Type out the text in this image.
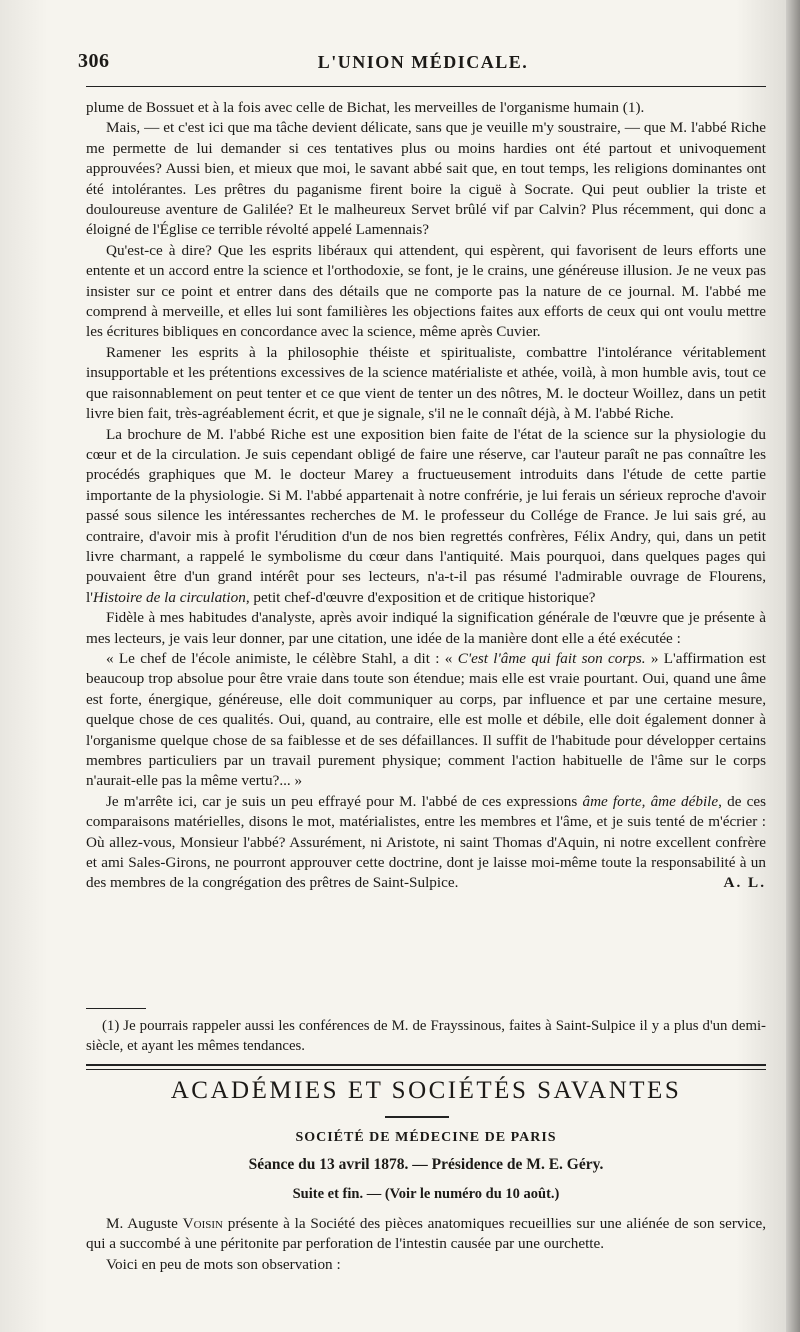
306	L'UNION MÉDICALE.

plume de Bossuet et à la fois avec celle de Bichat, les merveilles de l'organisme humain (1).

Mais, — et c'est ici que ma tâche devient délicate, sans que je veuille m'y soustraire, — que M. l'abbé Riche me permette de lui demander si ces tentatives plus ou moins hardies ont été partout et univoquement approuvées? Aussi bien, et mieux que moi, le savant abbé sait que, en tout temps, les religions dominantes ont été intolérantes. Les prêtres du paganisme firent boire la ciguë à Socrate. Qui peut oublier la triste et douloureuse aventure de Galilée? Et le malheureux Servet brûlé vif par Calvin? Plus récemment, qui donc a éloigné de l'Église ce terrible révolté appelé Lamennais?

Qu'est-ce à dire? Que les esprits libéraux qui attendent, qui espèrent, qui favorisent de leurs efforts une entente et un accord entre la science et l'orthodoxie, se font, je le crains, une généreuse illusion. Je ne veux pas insister sur ce point et entrer dans des détails que ne comporte pas la nature de ce journal. M. l'abbé me comprend à merveille, et elles lui sont familières les objections faites aux efforts de ceux qui ont voulu mettre les écritures bibliques en concordance avec la science, même après Cuvier.

Ramener les esprits à la philosophie théiste et spiritualiste, combattre l'intolérance véritablement insupportable et les prétentions excessives de la science matérialiste et athée, voilà, à mon humble avis, tout ce que raisonnablement on peut tenter et ce que vient de tenter un des nôtres, M. le docteur Woillez, dans un petit livre bien fait, très-agréablement écrit, et que je signale, s'il ne le connaît déjà, à M. l'abbé Riche.

La brochure de M. l'abbé Riche est une exposition bien faite de l'état de la science sur la physiologie du cœur et de la circulation. Je suis cependant obligé de faire une réserve, car l'auteur paraît ne pas connaître les procédés graphiques que M. le docteur Marey a fructueusement introduits dans l'étude de cette partie importante de la physiologie. Si M. l'abbé appartenait à notre confrérie, je lui ferais un sérieux reproche d'avoir passé sous silence les intéressantes recherches de M. le professeur du Collége de France. Je lui sais gré, au contraire, d'avoir mis à profit l'érudition d'un de nos bien regrettés confrères, Félix Andry, qui, dans un petit livre charmant, a rappelé le symbolisme du cœur dans l'antiquité. Mais pourquoi, dans quelques pages qui pouvaient être d'un grand intérêt pour ses lecteurs, n'a-t-il pas résumé l'admirable ouvrage de Flourens, l'Histoire de la circulation, petit chef-d'œuvre d'exposition et de critique historique?

Fidèle à mes habitudes d'analyste, après avoir indiqué la signification générale de l'œuvre que je présente à mes lecteurs, je vais leur donner, par une citation, une idée de la manière dont elle a été exécutée :

« Le chef de l'école animiste, le célèbre Stahl, a dit : « C'est l'âme qui fait son corps. » L'affirmation est beaucoup trop absolue pour être vraie dans toute son étendue; mais elle est vraie pourtant. Oui, quand une âme est forte, énergique, généreuse, elle doit communiquer au corps, par influence et par une certaine mesure, quelque chose de ces qualités. Oui, quand, au contraire, elle est molle et débile, elle doit également donner à l'organisme quelque chose de sa faiblesse et de ses défaillances. Il suffit de l'habitude pour développer certains membres particuliers par un travail purement physique; comment l'action habituelle de l'âme sur le corps n'aurait-elle pas la même vertu?... »

Je m'arrête ici, car je suis un peu effrayé pour M. l'abbé de ces expressions âme forte, âme débile, de ces comparaisons matérielles, disons le mot, matérialistes, entre les membres et l'âme, et je suis tenté de m'écrier : Où allez-vous, Monsieur l'abbé? Assurément, ni Aristote, ni saint Thomas d'Aquin, ni notre excellent confrère et ami Sales-Girons, ne pourront approuver cette doctrine, dont je laisse moi-même toute la responsabilité à un des membres de la congrégation des prêtres de Saint-Sulpice.	A. L.

(1) Je pourrais rappeler aussi les conférences de M. de Frayssinous, faites à Saint-Sulpice il y a plus d'un demi-siècle, et ayant les mêmes tendances.

ACADÉMIES ET SOCIÉTÉS SAVANTES
SOCIÉTÉ DE MÉDECINE DE PARIS
Séance du 13 avril 1878. — Présidence de M. E. Géry.
Suite et fin. — (Voir le numéro du 10 août.)

M. Auguste Voisin présente à la Société des pièces anatomiques recueillies sur une aliénée de son service, qui a succombé à une péritonite par perforation de l'intestin causée par une ourchette.

Voici en peu de mots son observation :
